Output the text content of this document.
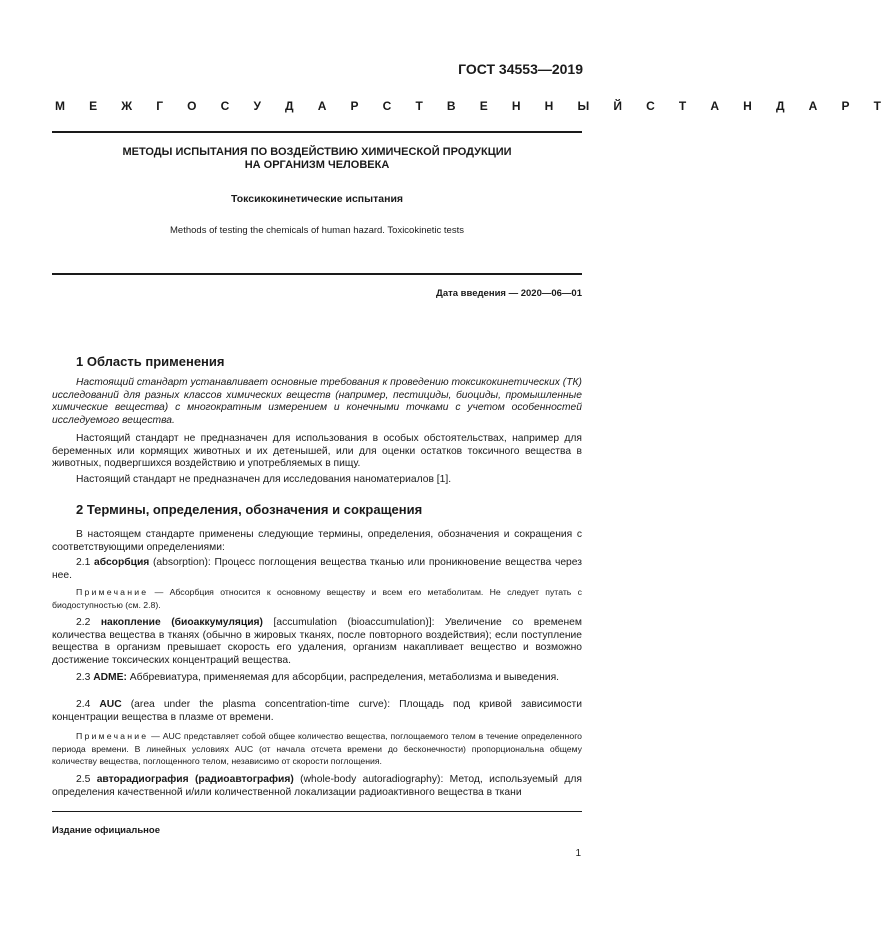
ГОСТ 34553—2019
М Е Ж Г О С У Д А Р С Т В Е Н Н Ы Й С Т А Н Д А Р Т
МЕТОДЫ ИСПЫТАНИЯ ПО ВОЗДЕЙСТВИЮ ХИМИЧЕСКОЙ ПРОДУКЦИИ
НА ОРГАНИЗМ ЧЕЛОВЕКА
Токсикокинетические испытания
Methods of testing the chemicals of human hazard. Toxicokinetic tests
Дата введения — 2020—06—01
1 Область применения
Настоящий стандарт устанавливает основные требования к проведению токсикокинетических (ТК) исследований для разных классов химических веществ (например, пестициды, биоциды, промышленные химические вещества) с многократным измерением и конечными точками с учетом особенностей исследуемого вещества.
Настоящий стандарт не предназначен для использования в особых обстоятельствах, например для беременных или кормящих животных и их детенышей, или для оценки остатков токсичного вещества в животных, подвергшихся воздействию и употребляемых в пищу.
Настоящий стандарт не предназначен для исследования наноматериалов [1].
2 Термины, определения, обозначения и сокращения
В настоящем стандарте применены следующие термины, определения, обозначения и сокращения с соответствующими определениями:
2.1 абсорбция (absorption): Процесс поглощения вещества тканью или проникновение вещества через нее.
Примечание — Абсорбция относится к основному веществу и всем его метаболитам. Не следует путать с биодоступностью (см. 2.8).
2.2 накопление (биоаккумуляция) [accumulation (bioaccumulation)]: Увеличение со временем количества вещества в тканях (обычно в жировых тканях, после повторного воздействия); если поступление вещества в организм превышает скорость его удаления, организм накапливает вещество и возможно достижение токсических концентраций вещества.
2.3 ADME: Аббревиатура, применяемая для абсорбции, распределения, метаболизма и выведения.
2.4 AUC (area under the plasma concentration-time curve): Площадь под кривой зависимости концентрации вещества в плазме от времени.
Примечание — AUC представляет собой общее количество вещества, поглощаемого телом в течение определенного периода времени. В линейных условиях AUC (от начала отсчета времени до бесконечности) пропорциональна общему количеству вещества, поглощенного телом, независимо от скорости поглощения.
2.5 авторадиография (радиоавтография) (whole-body autoradiography): Метод, используемый для определения качественной и/или количественной локализации радиоактивного вещества в ткани
Издание официальное
1
